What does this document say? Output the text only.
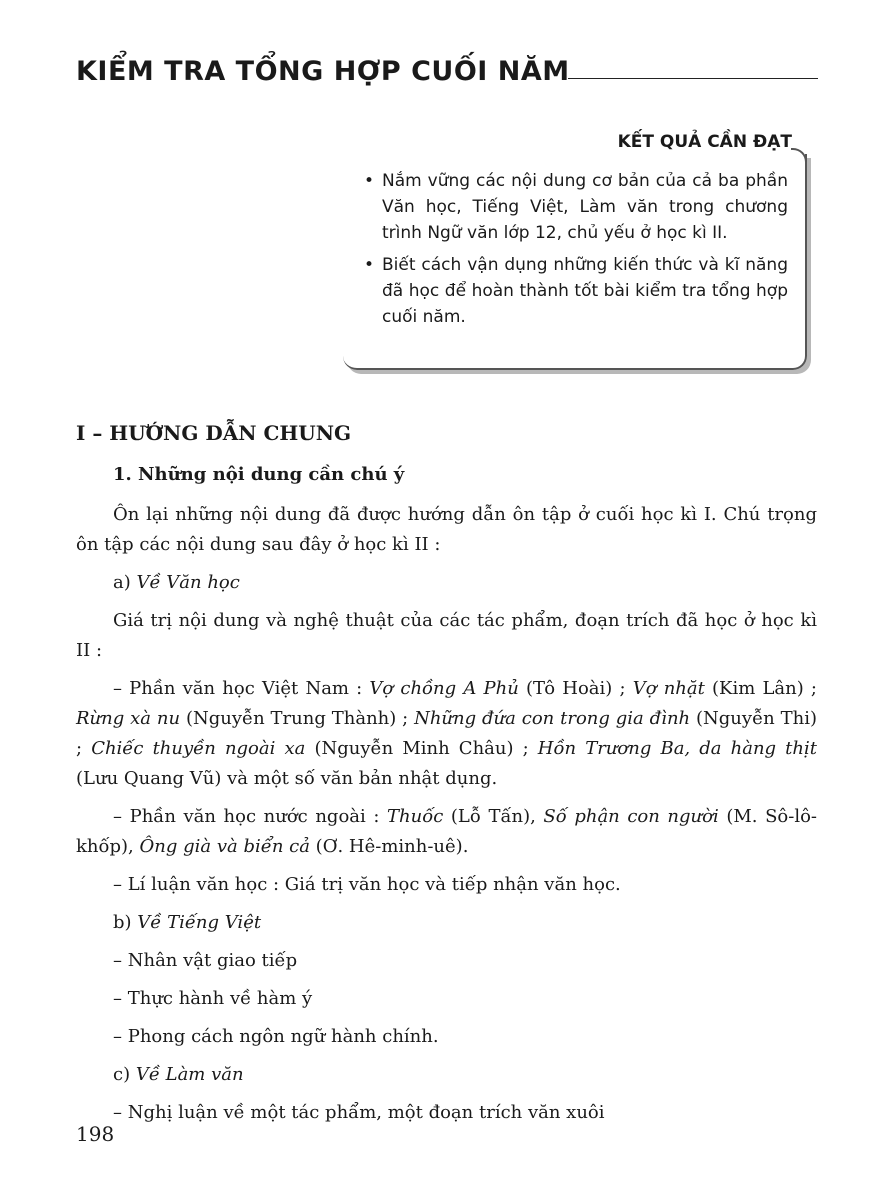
KIỂM TRA TỔNG HỢP CUỐI NĂM
KẾT QUẢ CẦN ĐẠT
• Nắm vững các nội dung cơ bản của cả ba phần Văn học, Tiếng Việt, Làm văn trong chương trình Ngữ văn lớp 12, chủ yếu ở học kì II.
• Biết cách vận dụng những kiến thức và kĩ năng đã học để hoàn thành tốt bài kiểm tra tổng hợp cuối năm.
I – HƯỚNG DẪN CHUNG

1. Những nội dung cần chú ý

Ôn lại những nội dung đã được hướng dẫn ôn tập ở cuối học kì I. Chú trọng ôn tập các nội dung sau đây ở học kì II :

a) Về Văn học

Giá trị nội dung và nghệ thuật của các tác phẩm, đoạn trích đã học ở học kì II :

– Phần văn học Việt Nam : Vợ chồng A Phủ (Tô Hoài) ; Vợ nhặt (Kim Lân) ; Rừng xà nu (Nguyễn Trung Thành) ; Những đứa con trong gia đình (Nguyễn Thi) ; Chiếc thuyền ngoài xa (Nguyễn Minh Châu) ; Hồn Trương Ba, da hàng thịt (Lưu Quang Vũ) và một số văn bản nhật dụng.

– Phần văn học nước ngoài : Thuốc (Lỗ Tấn), Số phận con người (M. Sô-lô-khốp), Ông già và biển cả (Ơ. Hê-minh-uê).

– Lí luận văn học : Giá trị văn học và tiếp nhận văn học.

b) Về Tiếng Việt

– Nhân vật giao tiếp

– Thực hành về hàm ý

– Phong cách ngôn ngữ hành chính.

c) Về Làm văn

– Nghị luận về một tác phẩm, một đoạn trích văn xuôi

198
